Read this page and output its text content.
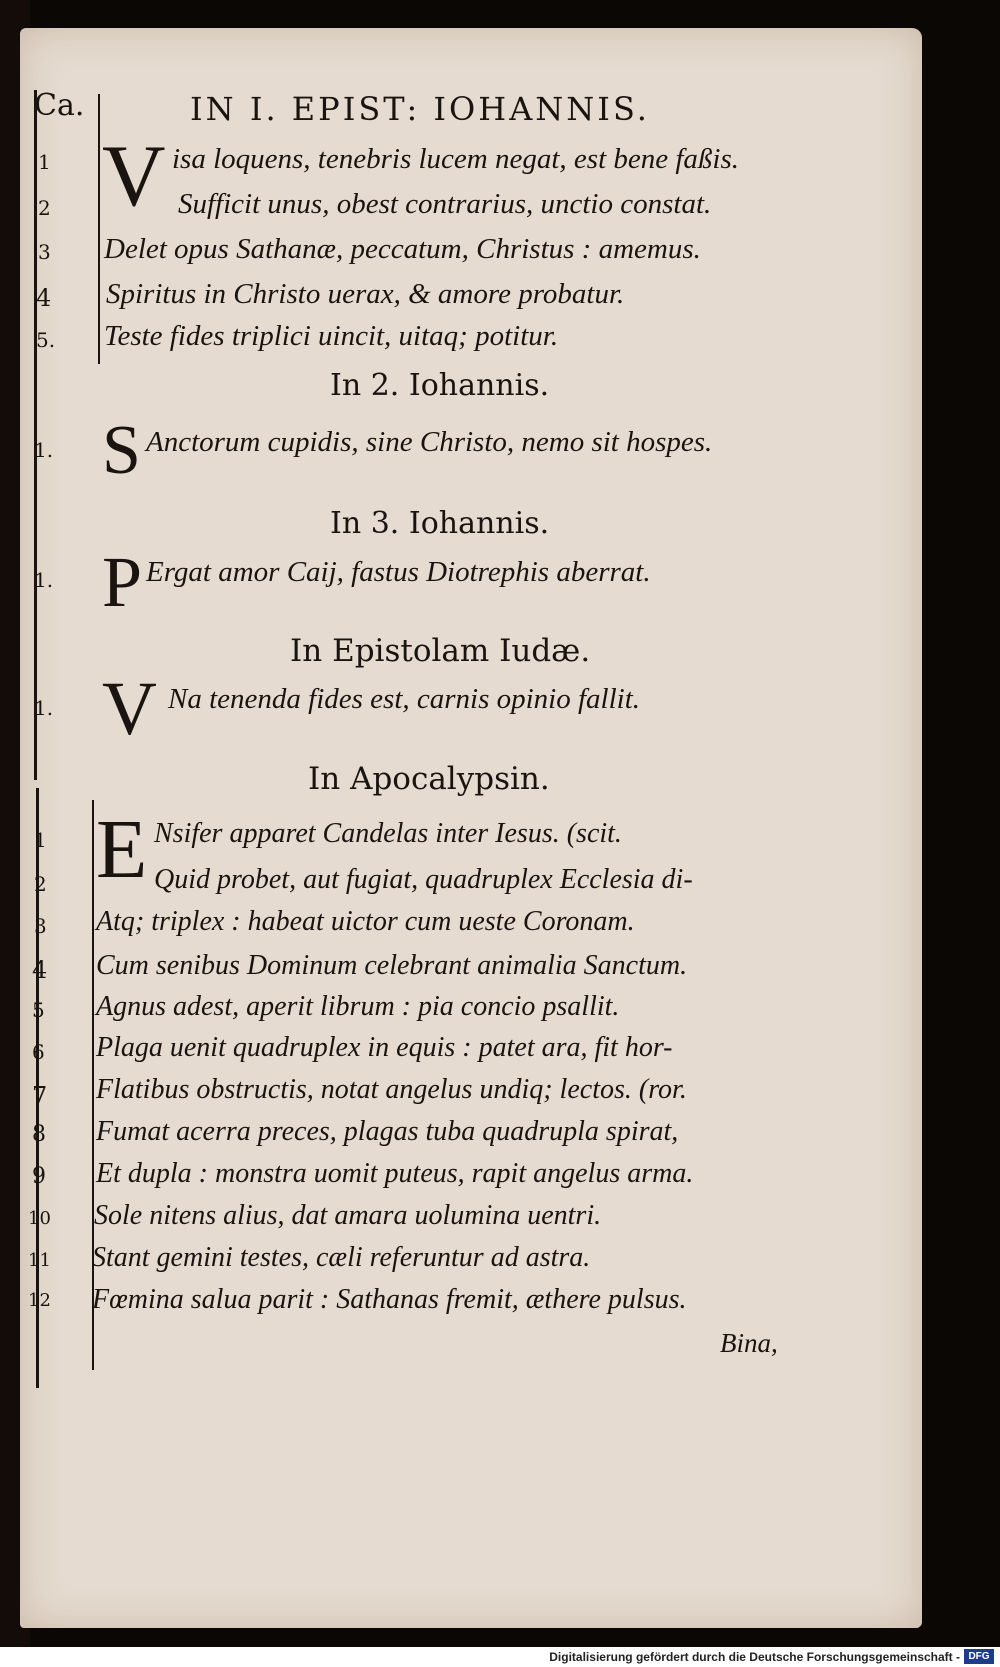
Ca.	IN I. EPIST: IOHANNIS.
V
1	isa loquens, tenebris lucem negat, est bene faßis.
2	Sufficit unus, obest contrarius, unctio constat.
3 Delet opus Sathanæ, peccatum, Christus : amemus.
4 Spiritus in Christo uerax, & amore probatur.
5. Teste fides triplici uincit, uitaq; potitur.
In 2. Iohannis.
1. S Anctorum cupidis, sine Christo, nemo sit hospes.
In 3. Iohannis.
1. P Ergat amor Caij, fastus Diotrephis aberrat.
In Epistolam Iudæ.
1. V Na tenenda fides est, carnis opinio fallit.
In Apocalypsin.
E
1	Nsifer apparet Candelas inter Iesus. (scit.
2	Quid probet, aut fugiat, quadruplex Ecclesia di-
3 Atq; triplex : habeat uictor cum ueste Coronam.
4 Cum senibus Dominum celebrant animalia Sanctum.
5 Agnus adest, aperit librum : pia concio psallit.
6 Plaga uenit quadruplex in equis : patet ara, fit hor-
7 Flatibus obstructis, notat angelus undiq; lectos. (ror.
8 Fumat acerra preces, plagas tuba quadrupla spirat,
9 Et dupla : monstra uomit puteus, rapit angelus arma.
10 Sole nitens alius, dat amara uolumina uentri.
11 Stant gemini testes, cæli referuntur ad astra.
12 Fœmina salua parit : Sathanas fremit, æthere pulsus.
Bina,
Digitalisierung gefördert durch die Deutsche Forschungsgemeinschaft - DFG
